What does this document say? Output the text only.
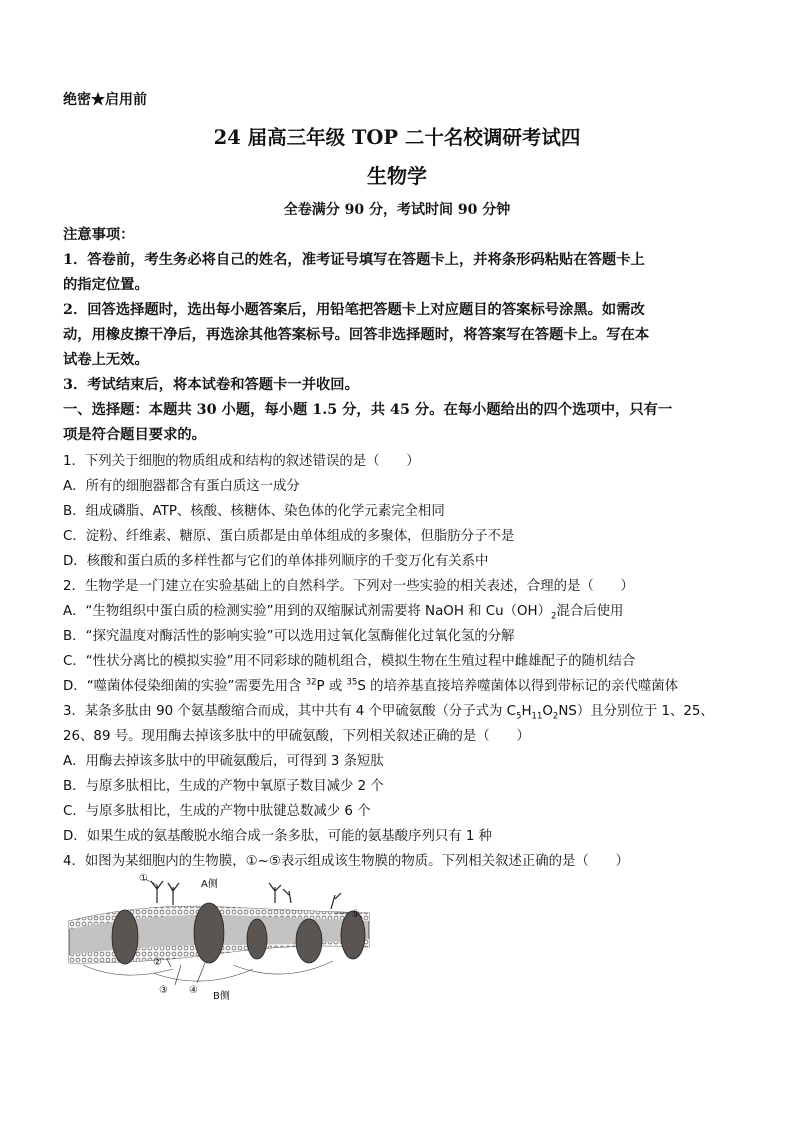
绝密★启用前
24 届高三年级 TOP 二十名校调研考试四
生物学
全卷满分 90 分，考试时间 90 分钟
注意事项：
1．答卷前，考生务必将自己的姓名，准考证号填写在答题卡上，并将条形码粘贴在答题卡上
的指定位置。
2．回答选择题时，选出每小题答案后，用铅笔把答题卡上对应题目的答案标号涂黑。如需改
动，用橡皮擦干净后，再选涂其他答案标号。回答非选择题时，将答案写在答题卡上。写在本
试卷上无效。
3．考试结束后，将本试卷和答题卡一并收回。
一、选择题：本题共 30 小题，每小题 1.5 分，共 45 分。在每小题给出的四个选项中，只有一
项是符合题目要求的。
1．下列关于细胞的物质组成和结构的叙述错误的是（　　）
A．所有的细胞器都含有蛋白质这一成分
B．组成磷脂、ATP、核酸、核糖体、染色体的化学元素完全相同
C．淀粉、纤维素、糖原、蛋白质都是由单体组成的多聚体，但脂肪分子不是
D．核酸和蛋白质的多样性都与它们的单体排列顺序的千变万化有关系中
2．生物学是一门建立在实验基础上的自然科学。下列对一些实验的相关表述，合理的是（　　）
A．“生物组织中蛋白质的检测实验”用到的双缩脲试剂需要将 NaOH 和 $Cu(OH)_2$混合后使用
B．“探究温度对酶活性的影响实验”可以选用过氧化氢酶催化过氧化氢的分解
C．“性状分离比的模拟实验”用不同彩球的随机组合，模拟生物在生殖过程中雌雄配子的随机结合
D．“噬菌体侵染细菌的实验”需要先用含 $^{32}$P 或 $^{35}$S 的培养基直接培养噬菌体以得到带标记的亲代噬菌体
3．某条多肽由 90 个氨基酸缩合而成，其中共有 4 个甲硫氨酸（分子式为 $C_5H_{11}O_2NS$）且分别位于 1、25、
26、89 号。现用酶去掉该多肽中的甲硫氨酸，下列相关叙述正确的是（　　）
A．用酶去掉该多肽中的甲硫氨酸后，可得到 3 条短肽
B．与原多肽相比，生成的产物中氧原子数目减少 2 个
C．与原多肽相比，生成的产物中肽键总数减少 6 个
D．如果生成的氨基酸脱水缩合成一条多肽，可能的氨基酸序列只有 1 种
4．如图为某细胞内的生物膜，①~⑤表示组成该生物膜的物质。下列相关叙述正确的是（　　）
①
A侧
②
③ ④
B侧
⑤
